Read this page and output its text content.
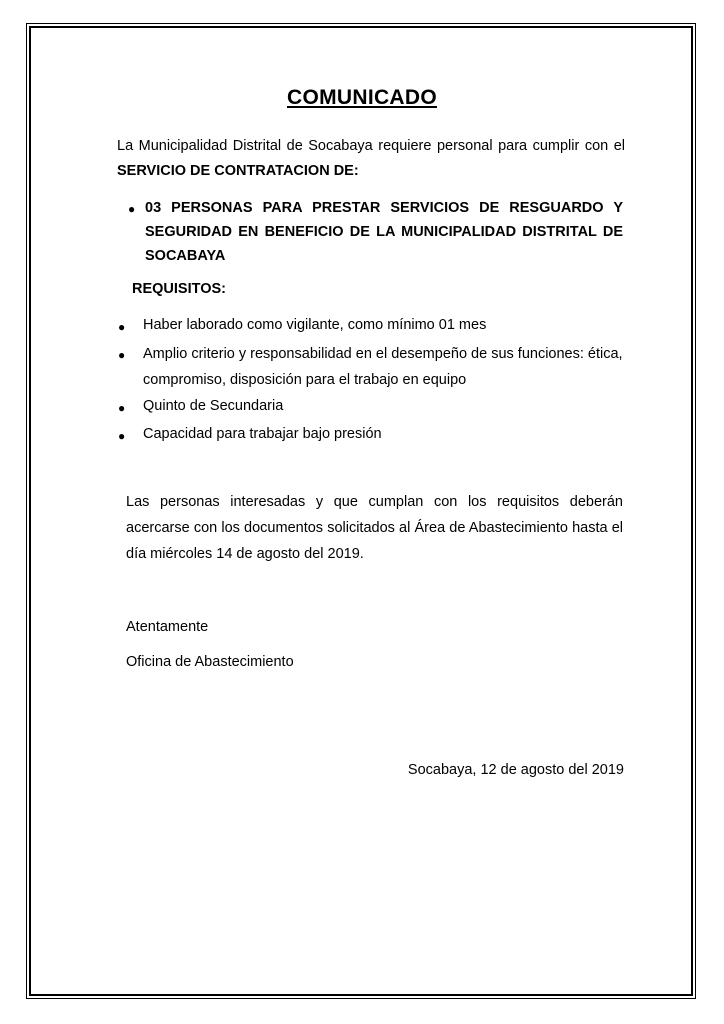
COMUNICADO
La Municipalidad Distrital de Socabaya requiere personal para cumplir con el SERVICIO DE CONTRATACION DE:
● 03 PERSONAS PARA PRESTAR SERVICIOS DE RESGUARDO Y SEGURIDAD EN BENEFICIO DE LA MUNICIPALIDAD DISTRITAL DE SOCABAYA
REQUISITOS:
● Haber laborado como vigilante, como mínimo 01 mes
● Amplio criterio y responsabilidad en el desempeño de sus funciones: ética, compromiso, disposición para el trabajo en equipo
● Quinto de Secundaria
● Capacidad para trabajar bajo presión
Las personas interesadas y que cumplan con los requisitos deberán acercarse con los documentos solicitados al Área de Abastecimiento hasta el día miércoles 14 de agosto del 2019.
Atentamente
Oficina de Abastecimiento
Socabaya, 12 de agosto del 2019
